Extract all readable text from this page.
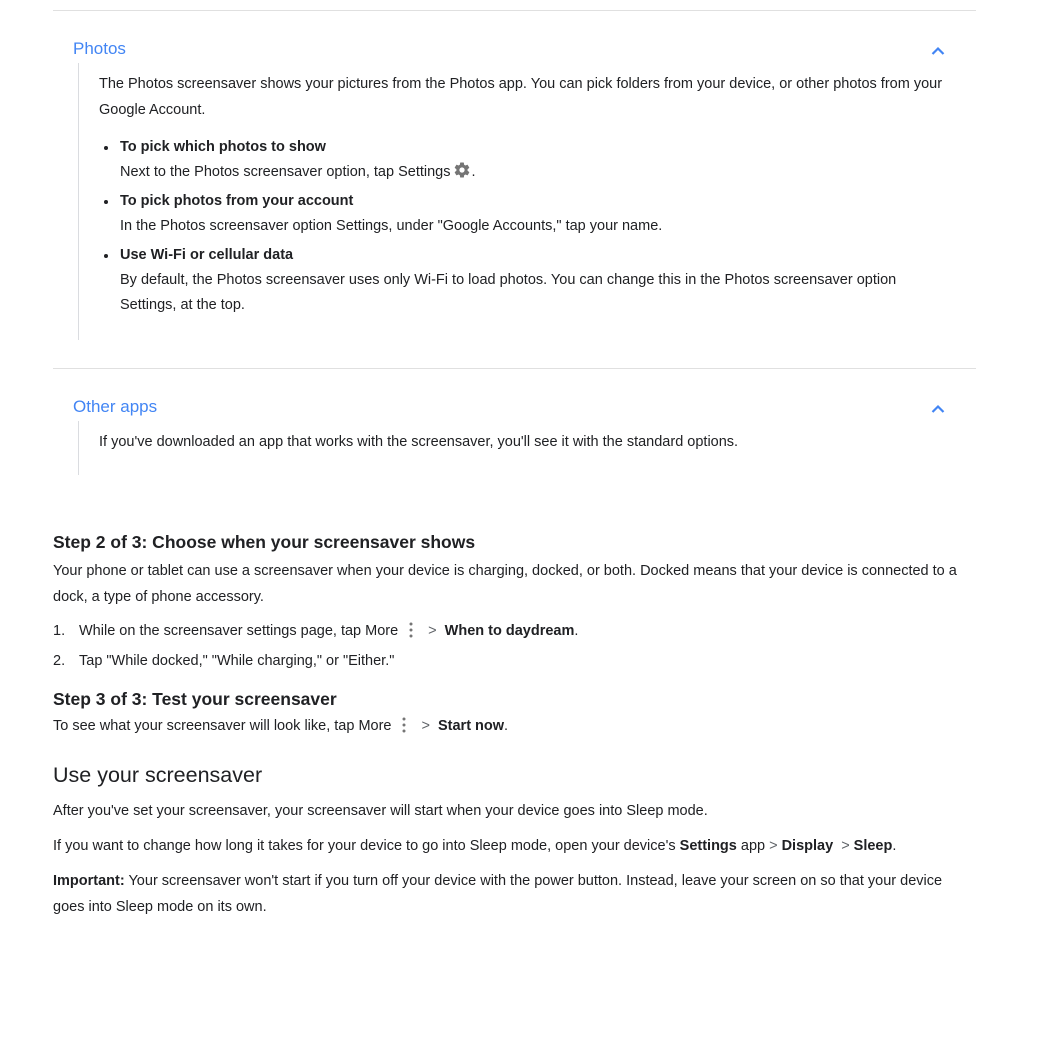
Photos

The Photos screensaver shows your pictures from the Photos app. You can pick folders from your device, or other photos from your Google Account.

To pick which photos to show
Next to the Photos screensaver option, tap Settings .
To pick photos from your account
In the Photos screensaver option Settings, under "Google Accounts," tap your name.
Use Wi-Fi or cellular data
By default, the Photos screensaver uses only Wi-Fi to load photos. You can change this in the Photos screensaver option Settings, at the top.
Other apps

If you've downloaded an app that works with the screensaver, you'll see it with the standard options.

Step 2 of 3: Choose when your screensaver shows

Your phone or tablet can use a screensaver when your device is charging, docked, or both. Docked means that your device is connected to a dock, a type of phone accessory.

1. While on the screensaver settings page, tap More > When to daydream.
2. Tap "While docked," "While charging," or "Either."
Step 3 of 3: Test your screensaver

To see what your screensaver will look like, tap More > Start now.

Use your screensaver

After you've set your screensaver, your screensaver will start when your device goes into Sleep mode.

If you want to change how long it takes for your device to go into Sleep mode, open your device's Settings app > Display > Sleep.

Important: Your screensaver won't start if you turn off your device with the power button. Instead, leave your screen on so that your device goes into Sleep mode on its own.
